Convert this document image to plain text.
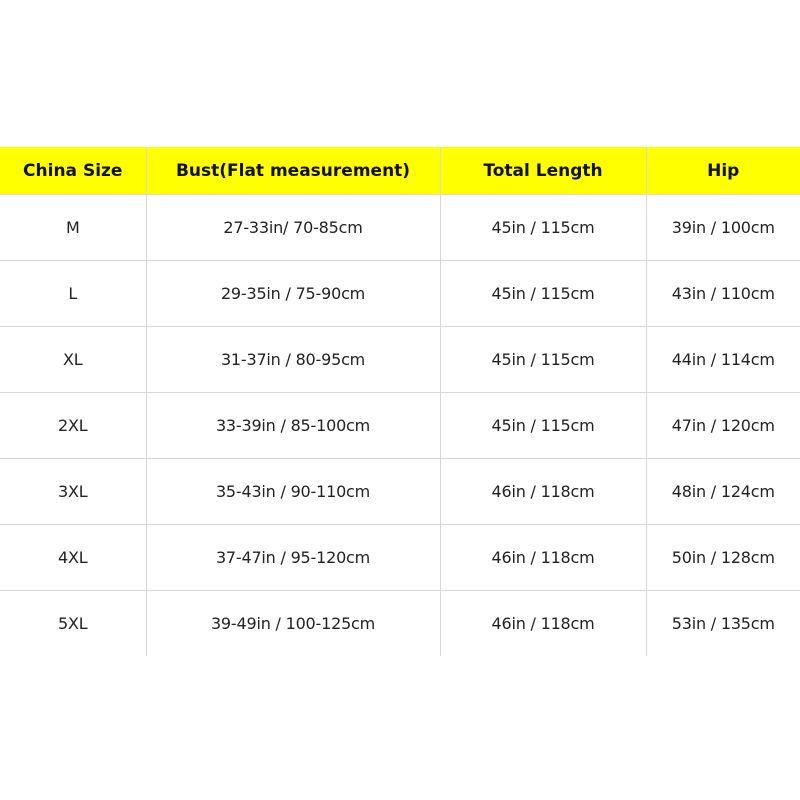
China Size	Bust(Flat measurement)	Total Length	Hip
M	27-33in/ 70-85cm	45in / 115cm	39in / 100cm
L	29-35in / 75-90cm	45in / 115cm	43in / 110cm
XL	31-37in / 80-95cm	45in / 115cm	44in / 114cm
2XL	33-39in / 85-100cm	45in / 115cm	47in / 120cm
3XL	35-43in / 90-110cm	46in / 118cm	48in / 124cm
4XL	37-47in / 95-120cm	46in / 118cm	50in / 128cm
5XL	39-49in / 100-125cm	46in / 118cm	53in / 135cm
